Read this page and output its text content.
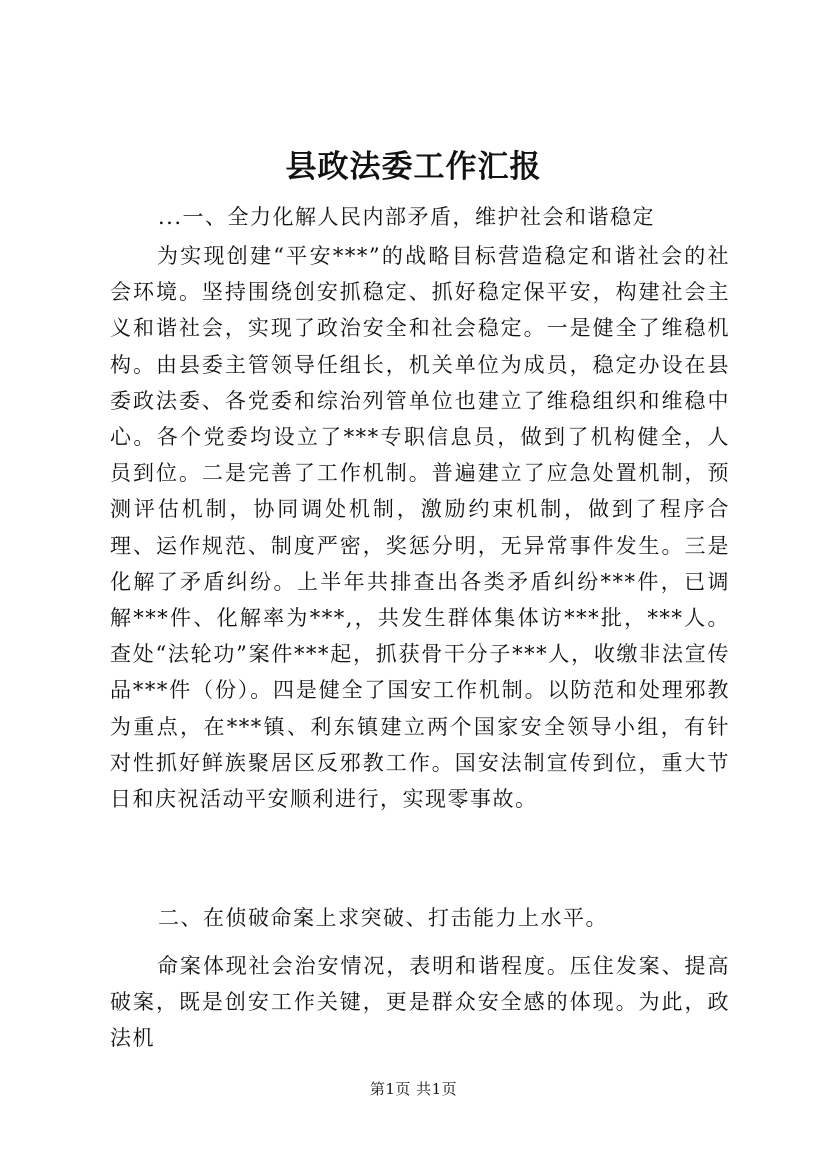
县政法委工作汇报
...一、全力化解人民内部矛盾，维护社会和谐稳定
为实现创建“平安***”的战略目标营造稳定和谐社会的社会环境。坚持围绕创安抓稳定、抓好稳定保平安，构建社会主义和谐社会，实现了政治安全和社会稳定。一是健全了维稳机构。由县委主管领导任组长，机关单位为成员，稳定办设在县委政法委、各党委和综治列管单位也建立了维稳组织和维稳中心。各个党委均设立了***专职信息员，做到了机构健全，人员到位。二是完善了工作机制。普遍建立了应急处置机制，预测评估机制，协同调处机制，激励约束机制，做到了程序合理、运作规范、制度严密，奖惩分明，无异常事件发生。三是化解了矛盾纠纷。上半年共排查出各类矛盾纠纷***件，已调解***件、化解率为***,，共发生群体集体访***批，***人。查处“法轮功”案件***起，抓获骨干分子***人，收缴非法宣传品***件（份）。四是健全了国安工作机制。以防范和处理邪教为重点，在***镇、利东镇建立两个国家安全领导小组，有针对性抓好鲜族聚居区反邪教工作。国安法制宣传到位，重大节日和庆祝活动平安顺利进行，实现零事故。
二、在侦破命案上求突破、打击能力上水平。
命案体现社会治安情况，表明和谐程度。压住发案、提高破案，既是创安工作关键，更是群众安全感的体现。为此，政法机
第1页 共1页
